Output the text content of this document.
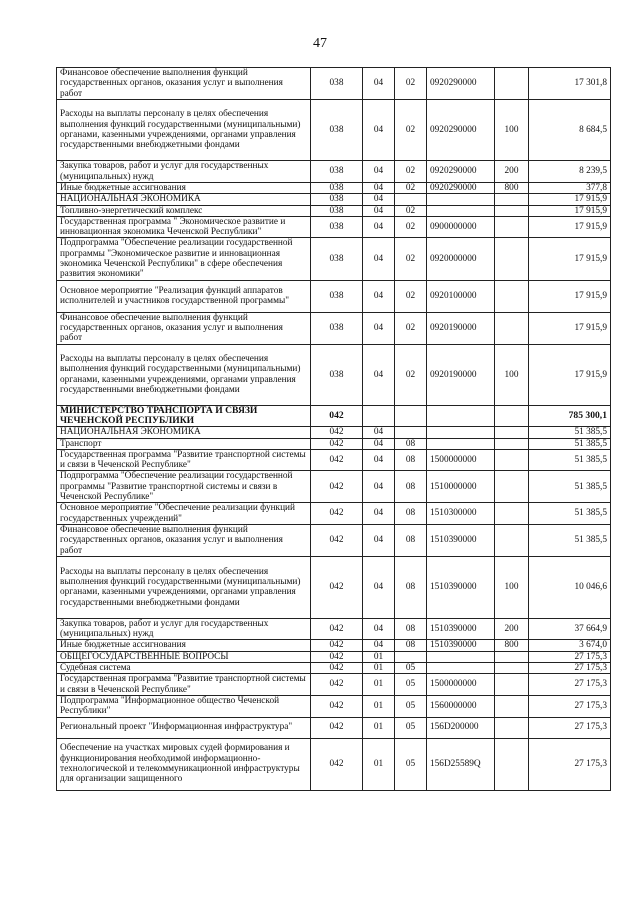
47
Финансовое обеспечение выполнения функций государственных органов, оказания услуг и выполнения работ	038	04	02	0920290000		17 301,8
Расходы на выплаты персоналу в целях обеспечения выполнения функций государственными (муниципальными) органами, казенными учреждениями, органами управления государственными внебюджетными фондами	038	04	02	0920290000	100	8 684,5
Закупка товаров, работ и услуг для государственных (муниципальных) нужд	038	04	02	0920290000	200	8 239,5
Иные бюджетные ассигнования	038	04	02	0920290000	800	377,8
НАЦИОНАЛЬНАЯ ЭКОНОМИКА	038	04				17 915,9
Топливно-энергетический комплекс	038	04	02			17 915,9
Государственная программа " Экономическое развитие и инновационная экономика Чеченской Республики"	038	04	02	0900000000		17 915,9
Подпрограмма "Обеспечение реализации государственной программы "Экономическое развитие и инновационная экономика Чеченской Республики" в сфере обеспечения развития экономики"	038	04	02	0920000000		17 915,9
Основное мероприятие "Реализация функций аппаратов исполнителей и участников государственной программы"	038	04	02	0920100000		17 915,9
Финансовое обеспечение выполнения функций государственных органов, оказания услуг и выполнения работ	038	04	02	0920190000		17 915,9
Расходы на выплаты персоналу в целях обеспечения выполнения функций государственными (муниципальными) органами, казенными учреждениями, органами управления государственными внебюджетными фондами	038	04	02	0920190000	100	17 915,9
МИНИСТЕРСТВО ТРАНСПОРТА И СВЯЗИ ЧЕЧЕНСКОЙ РЕСПУБЛИКИ	042					785 300,1
НАЦИОНАЛЬНАЯ ЭКОНОМИКА	042	04				51 385,5
Транспорт	042	04	08			51 385,5
Государственная программа "Развитие транспортной системы и связи в Чеченской Республике"	042	04	08	1500000000		51 385,5
Подпрограмма "Обеспечение реализации государственной программы "Развитие транспортной системы и связи в Чеченской Республике"	042	04	08	1510000000		51 385,5
Основное мероприятие "Обеспечение реализации функций государственных учреждений"	042	04	08	1510300000		51 385,5
Финансовое обеспечение выполнения функций государственных органов, оказания услуг и выполнения работ	042	04	08	1510390000		51 385,5
Расходы на выплаты персоналу в целях обеспечения выполнения функций государственными (муниципальными) органами, казенными учреждениями, органами управления государственными внебюджетными фондами	042	04	08	1510390000	100	10 046,6
Закупка товаров, работ и услуг для государственных (муниципальных) нужд	042	04	08	1510390000	200	37 664,9
Иные бюджетные ассигнования	042	04	08	1510390000	800	3 674,0
ОБЩЕГОСУДАРСТВЕННЫЕ ВОПРОСЫ	042	01				27 175,3
Судебная система	042	01	05			27 175,3
Государственная программа "Развитие транспортной системы и связи в Чеченской Республике"	042	01	05	1500000000		27 175,3
Подпрограмма "Информационное общество Чеченской Республики"	042	01	05	1560000000		27 175,3
Региональный проект "Информационная инфраструктура"	042	01	05	156D200000		27 175,3
Обеспечение на участках мировых судей формирования и функционирования необходимой информационно-технологической и телекоммуникационной инфраструктуры для организации защищенного	042	01	05	156D25589Q		27 175,3
